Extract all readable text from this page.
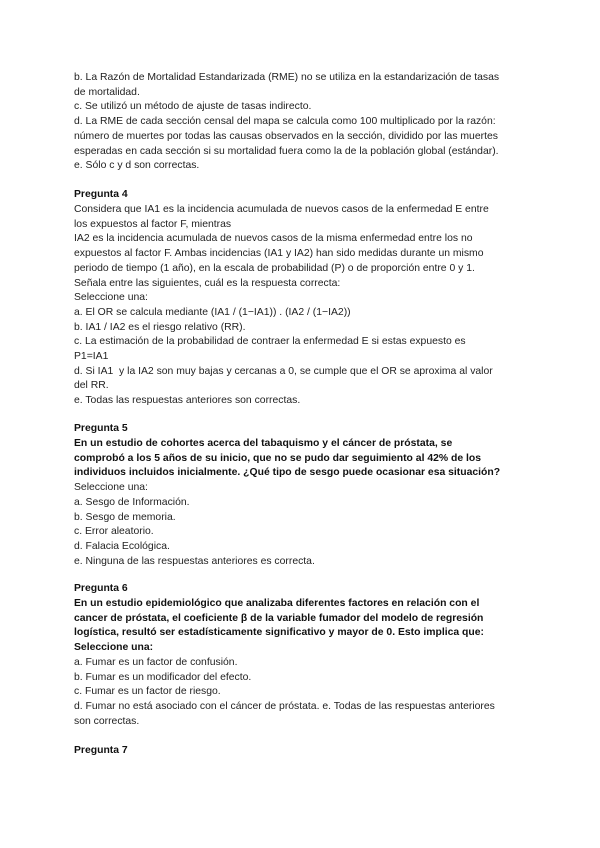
b. La Razón de Mortalidad Estandarizada (RME) no se utiliza en la estandarización de tasas
de mortalidad.
c. Se utilizó un método de ajuste de tasas indirecto.
d. La RME de cada sección censal del mapa se calcula como 100 multiplicado por la razón:
número de muertes por todas las causas observados en la sección, dividido por las muertes
esperadas en cada sección si su mortalidad fuera como la de la población global (estándar).
e. Sólo c y d son correctas.
Pregunta 4
Considera que IA1 es la incidencia acumulada de nuevos casos de la enfermedad E entre
los expuestos al factor F, mientras
IA2 es la incidencia acumulada de nuevos casos de la misma enfermedad entre los no
expuestos al factor F. Ambas incidencias (IA1 y IA2) han sido medidas durante un mismo
periodo de tiempo (1 año), en la escala de probabilidad (P) o de proporción entre 0 y 1.
Señala entre las siguientes, cuál es la respuesta correcta:
Seleccione una:
a. El OR se calcula mediante (IA1 / (1−IA1)) . (IA2 / (1−IA2))
b. IA1 / IA2 es el riesgo relativo (RR).
c. La estimación de la probabilidad de contraer la enfermedad E si estas expuesto es
P1=IA1
d. Si IA1  y la IA2 son muy bajas y cercanas a 0, se cumple que el OR se aproxima al valor
del RR.
e. Todas las respuestas anteriores son correctas.
Pregunta 5
En un estudio de cohortes acerca del tabaquismo y el cáncer de próstata, se
comprobó a los 5 años de su inicio, que no se pudo dar seguimiento al 42% de los
individuos incluidos inicialmente. ¿Qué tipo de sesgo puede ocasionar esa situación?
Seleccione una:
a. Sesgo de Información.
b. Sesgo de memoria.
c. Error aleatorio.
d. Falacia Ecológica.
e. Ninguna de las respuestas anteriores es correcta.
Pregunta 6
En un estudio epidemiológico que analizaba diferentes factores en relación con el
cancer de próstata, el coeficiente β de la variable fumador del modelo de regresión
logística, resultó ser estadísticamente significativo y mayor de 0. Esto implica que:
Seleccione una:
a. Fumar es un factor de confusión.
b. Fumar es un modificador del efecto.
c. Fumar es un factor de riesgo.
d. Fumar no está asociado con el cáncer de próstata. e. Todas de las respuestas anteriores
son correctas.
Pregunta 7
